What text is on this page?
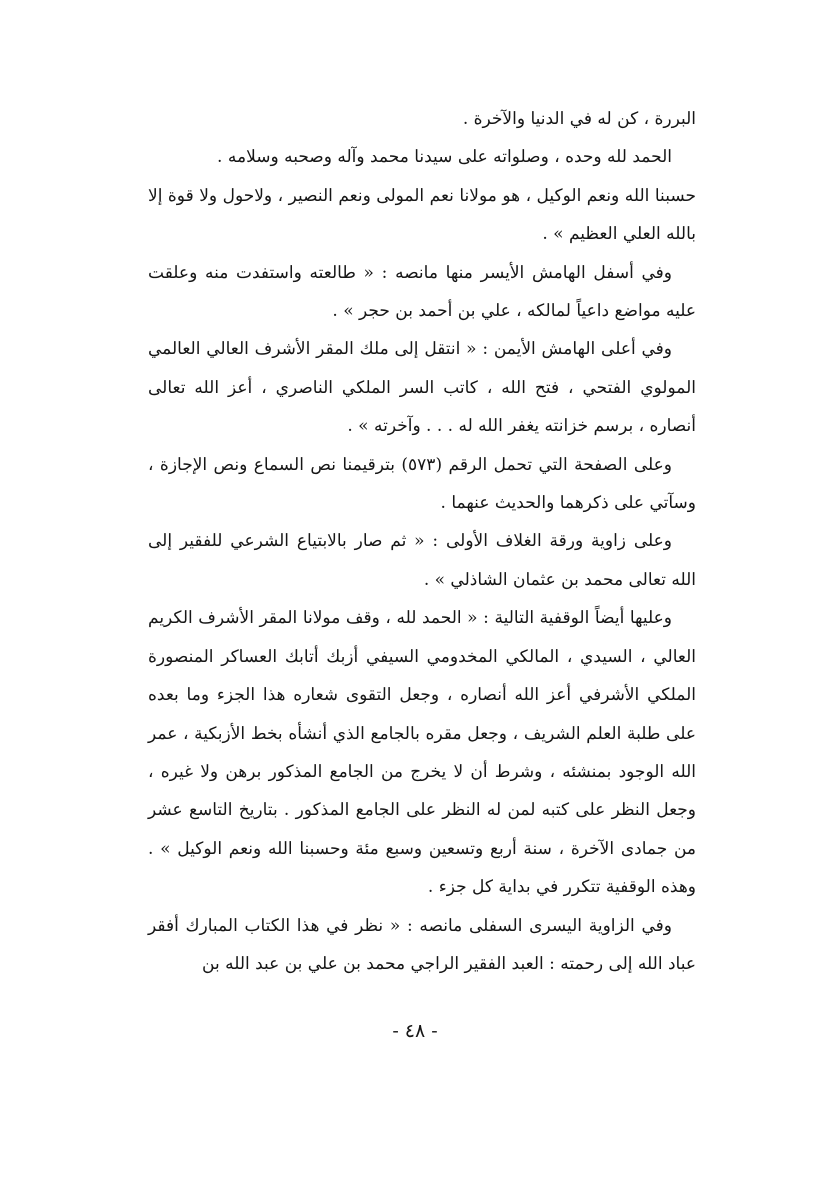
البررة ، كن له في الدنيا والآخرة .

الحمد لله وحده ، وصلواته على سيدنا محمد وآله وصحبه وسلامه .

حسبنا الله ونعم الوكيل ، هو مولانا نعم المولى ونعم النصير ، ولاحول ولا قوة إلا بالله العلي العظيم » .

وفي أسفل الهامش الأيسر منها مانصه : « طالعته واستفدت منه وعلقت عليه مواضع داعياً لمالكه ، علي بن أحمد بن حجر » .

وفي أعلى الهامش الأيمن : « انتقل إلى ملك المقر الأشرف العالي العالمي المولوي الفتحي ، فتح الله ، كاتب السر الملكي الناصري ، أعز الله تعالى أنصاره ، برسم خزانته يغفر الله له . . . وآخرته » .

وعلى الصفحة التي تحمل الرقم (٥٧٣) بترقيمنا نص السماع ونص الإجازة ، وسآتي على ذكرهما والحديث عنهما .

وعلى زاوية ورقة الغلاف الأولى : « ثم صار بالابتياع الشرعي للفقير إلى الله تعالى محمد بن عثمان الشاذلي » .

وعليها أيضاً الوقفية التالية : « الحمد لله ، وقف مولانا المقر الأشرف الكريم العالي ، السيدي ، المالكي المخدومي السيفي أزبك أتابك العساكر المنصورة الملكي الأشرفي أعز الله أنصاره ، وجعل التقوى شعاره هذا الجزء وما بعده على طلبة العلم الشريف ، وجعل مقره بالجامع الذي أنشأه بخط الأزبكية ، عمر الله الوجود بمنشئه ، وشرط أن لا يخرج من الجامع المذكور برهن ولا غيره ، وجعل النظر على كتبه لمن له النظر على الجامع المذكور . بتاريخ التاسع عشر من جمادى الآخرة ، سنة أربع وتسعين وسبع مئة وحسبنا الله ونعم الوكيل » . وهذه الوقفية تتكرر في بداية كل جزء .

وفي الزاوية اليسرى السفلى مانصه : « نظر في هذا الكتاب المبارك أفقر عباد الله إلى رحمته : العبد الفقير الراجي محمد بن علي بن عبد الله بن

- ٤٨ -
